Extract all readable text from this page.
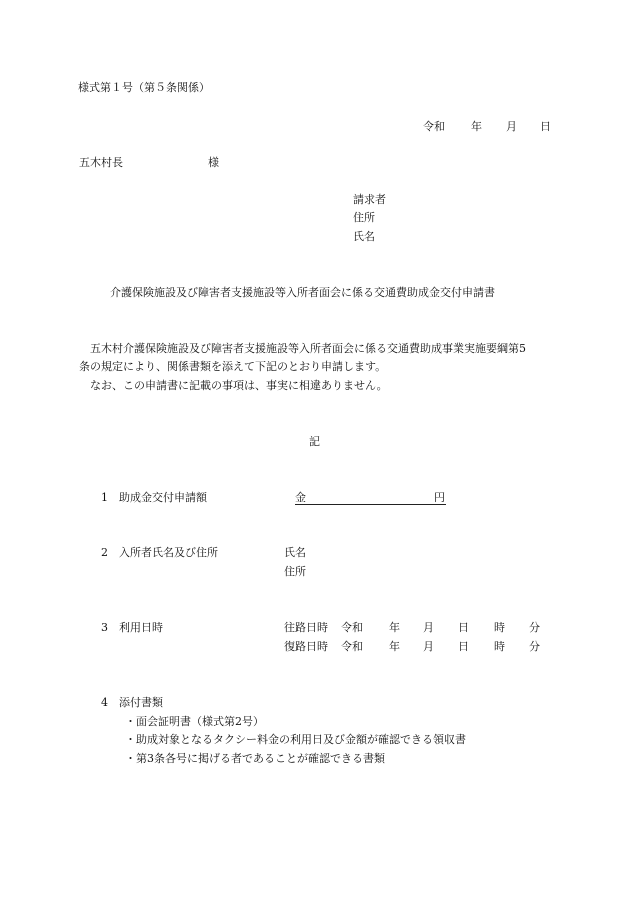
様式第１号（第５条関係）
令和 年 月 日
五木村長	様
請求者
住所
氏名
介護保険施設及び障害者支援施設等入所者面会に係る交通費助成金交付申請書
五木村介護保険施設及び障害者支援施設等入所者面会に係る交通費助成事業実施要綱第5
条の規定により、関係書類を添えて下記のとおり申請します。
なお、この申請書に記載の事項は、事実に相違ありません。
記
1 助成金交付申請額	金	円
2 入所者氏名及び住所	氏名
住所
3 利用日時	往路日時 令和 年 月 日 時 分
復路日時 令和 年 月 日 時 分
4 添付書類
・面会証明書（様式第2号）
・助成対象となるタクシー料金の利用日及び金額が確認できる領収書
・第3条各号に掲げる者であることが確認できる書類
